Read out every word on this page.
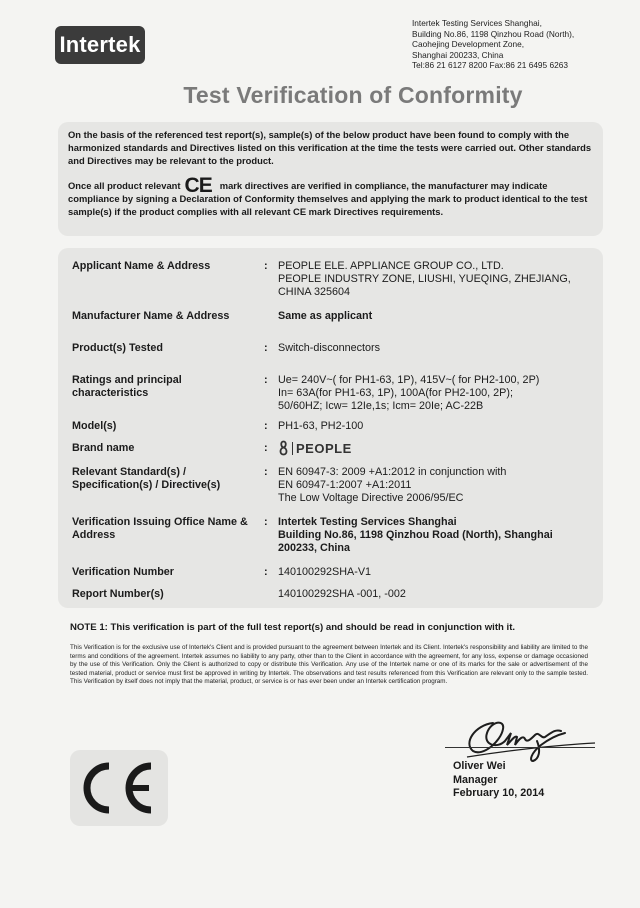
Intertek
Intertek Testing Services Shanghai,
Building No.86, 1198 Qinzhou Road (North),
Caohejing Development Zone,
Shanghai 200233, China
Tel:86 21 6127 8200 Fax:86 21 6495 6263
Test Verification of Conformity

On the basis of the referenced test report(s), sample(s) of the below product have been found to comply with the harmonized standards and Directives listed on this verification at the time the tests were carried out. Other standards and Directives may be relevant to the product.

Once all product relevant CE mark directives are verified in compliance, the manufacturer may indicate compliance by signing a Declaration of Conformity themselves and applying the mark to product identical to the test sample(s) if the product complies with all relevant CE mark Directives requirements.

Applicant Name & Address	: PEOPLE ELE. APPLIANCE GROUP CO., LTD.
PEOPLE INDUSTRY ZONE, LIUSHI, YUEQING, ZHEJIANG,
CHINA 325604
Manufacturer Name & Address	Same as applicant
Product(s) Tested	: Switch-disconnectors
Ratings and principal
characteristics
: Ue= 240V~( for PH1-63, 1P), 415V~( for PH2-100, 2P)
In= 63A(for PH1-63, 1P), 100A(for PH2-100, 2P);
50/60HZ; Icw= 12Ie,1s; Icm= 20Ie; AC-22B
Model(s)	: PH1-63, PH2-100
Brand name	: PEOPLE
Relevant Standard(s) /
Specification(s) / Directive(s)
: EN 60947-3: 2009 +A1:2012 in conjunction with
EN 60947-1:2007 +A1:2011
The Low Voltage Directive 2006/95/EC
Verification Issuing Office Name &
Address
: Intertek Testing Services Shanghai
Building No.86, 1198 Qinzhou Road (North), Shanghai
200233, China
Verification Number	: 140100292SHA-V1
Report Number(s)	140100292SHA -001, -002
NOTE 1: This verification is part of the full test report(s) and should be read in conjunction with it.
This Verification is for the exclusive use of Intertek's Client and is provided pursuant to the agreement between Intertek and its Client. Intertek's responsibility and liability are limited to the terms and conditions of the agreement. Intertek assumes no liability to any party, other than to the Client in accordance with the agreement, for any loss, expense or damage occasioned by the use of this Verification. Only the Client is authorized to copy or distribute this Verification. Any use of the Intertek name or one of its marks for the sale or advertisement of the tested material, product or service must first be approved in writing by Intertek. The observations and test results referenced from this Verification are relevant only to the sample tested. This Verification by itself does not imply that the material, product, or service is or has ever been under an Intertek certification program.
Oliver Wei
Manager
February 10, 2014
